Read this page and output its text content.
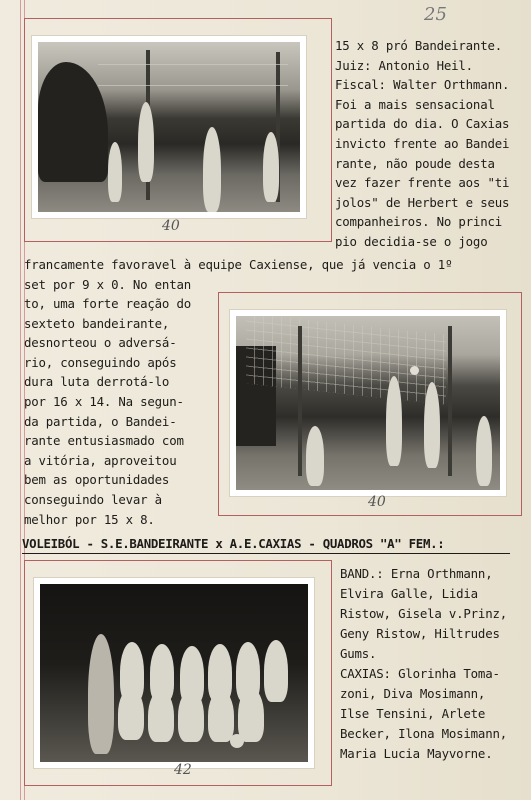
25
40
15 x 8 pró Bandeirante.
Juiz: Antonio Heil.
Fiscal: Walter Orthmann.
Foi a mais sensacional
partida do dia. O Caxias
invicto frente ao Bandei
rante, não poude desta
vez fazer frente aos "ti
jolos" de Herbert e seus
companheiros. No princi
pio decidia-se o jogo
francamente favoravel à equipe Caxiense, que já vencia o 1º
set por 9 x 0. No entan
40
to, uma forte reação do
sexteto bandeirante,
desnorteou o adversá-
rio, conseguindo após
dura luta derrotá-lo
por 16 x 14. Na segun-
da partida, o Bandei-
rante entusiasmado com
a vitória, aproveitou
bem as oportunidades
conseguindo levar à
melhor por 15 x 8.
VOLEIBÓL - S.E.BANDEIRANTE x A.E.CAXIAS - QUADROS "A" FEM.:
42
BAND.: Erna Orthmann,
Elvira Galle, Lidia
Ristow, Gisela v.Prinz,
Geny Ristow, Hiltrudes
Gums.
CAXIAS: Glorinha Toma-
zoni, Diva Mosimann,
Ilse Tensini, Arlete
Becker, Ilona Mosimann,
Maria Lucia Mayvorne.
